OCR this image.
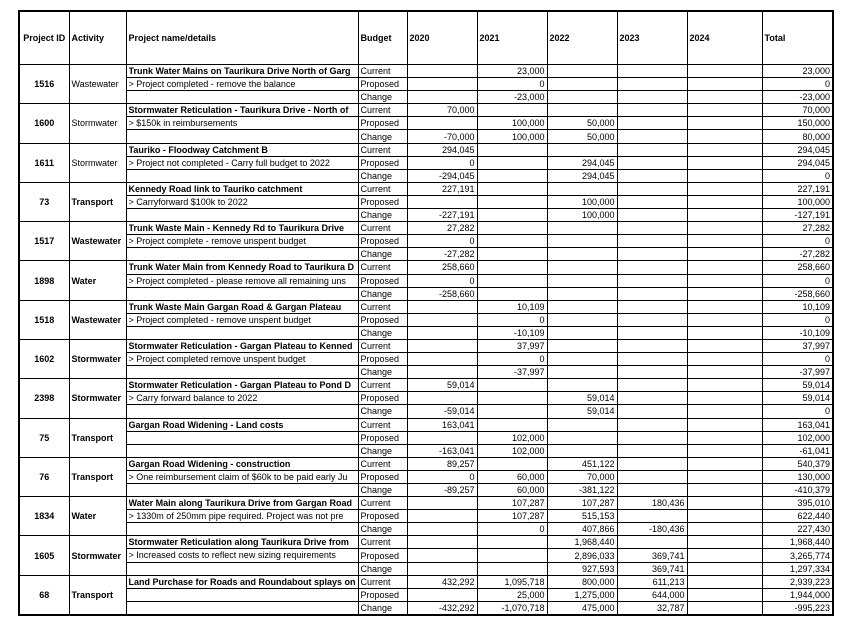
Project ID	Activity	Project name/details	Budget	2020	2021	2022	2023	2024	Total
1516	Wastewater	Trunk Water Mains on Taurikura Drive North of Garg	Current		23,000				23,000

		> Project completed - remove the balance	Proposed		0				0
			Change		-23,000				-23,000
1600	Stormwater	Stormwater Reticulation - Taurikura Drive - North of	Current	70,000					70,000

		> $150k in reimbursements	Proposed		100,000	50,000			150,000
			Change	-70,000	100,000	50,000			80,000
1611	Stormwater	Tauriko - Floodway Catchment B	Current	294,045					294,045

		> Project not completed - Carry full budget to 2022	Proposed	0		294,045			294,045
			Change	-294,045		294,045			0
73	Transport	Kennedy Road link to Tauriko catchment	Current	227,191					227,191

		> Carryforward $100k to 2022	Proposed			100,000			100,000
			Change	-227,191		100,000			-127,191
1517	Wastewater	Trunk Waste Main - Kennedy Rd to Taurikura Drive	Current	27,282					27,282

		> Project complete - remove unspent budget	Proposed	0					0
			Change	-27,282					-27,282
1898	Water	Trunk Water Main from Kennedy Road to Taurikura D	Current	258,660					258,660

		> Project completed - please remove all remaining uns	Proposed	0					0
			Change	-258,660					-258,660
1518	Wastewater	Trunk Waste Main Gargan Road & Gargan Plateau	Current		10,109				10,109

		> Project completed - remove unspent budget	Proposed		0				0
			Change		-10,109				-10,109
1602	Stormwater	Stormwater Reticulation - Gargan Plateau to Kenned	Current		37,997				37,997

		> Project completed remove unspent budget	Proposed		0				0
			Change		-37,997				-37,997
2398	Stormwater	Stormwater Reticulation - Gargan Plateau to Pond D	Current	59,014					59,014

		> Carry forward balance to 2022	Proposed			59,014			59,014
			Change	-59,014		59,014			0
75	Transport	Gargan Road Widening - Land costs	Current	163,041					163,041

			Proposed		102,000				102,000
			Change	-163,041	102,000				-61,041
76	Transport	Gargan Road Widening - construction	Current	89,257		451,122			540,379

		> One reimbursement claim of $60k to be paid early Ju	Proposed	0	60,000	70,000			130,000
			Change	-89,257	60,000	-381,122			-410,379
1834	Water	Water Main along Taurikura Drive from Gargan Road	Current		107,287	107,287	180,436		395,010

		> 1330m of 250mm pipe required. Project was not pre	Proposed		107,287	515,153			622,440
			Change		0	407,866	-180,436		227,430
1605	Stormwater	Stormwater Reticulation along Taurikura Drive from	Current			1,968,440			1,968,440

		> Increased costs to reflect new sizing requirements	Proposed			2,896,033	369,741		3,265,774
			Change			927,593	369,741		1,297,334
68	Transport	Land Purchase for Roads and Roundabout splays on	Current	432,292	1,095,718	800,000	611,213		2,939,223

			Proposed		25,000	1,275,000	644,000		1,944,000
			Change	-432,292	-1,070,718	475,000	32,787		-995,223
